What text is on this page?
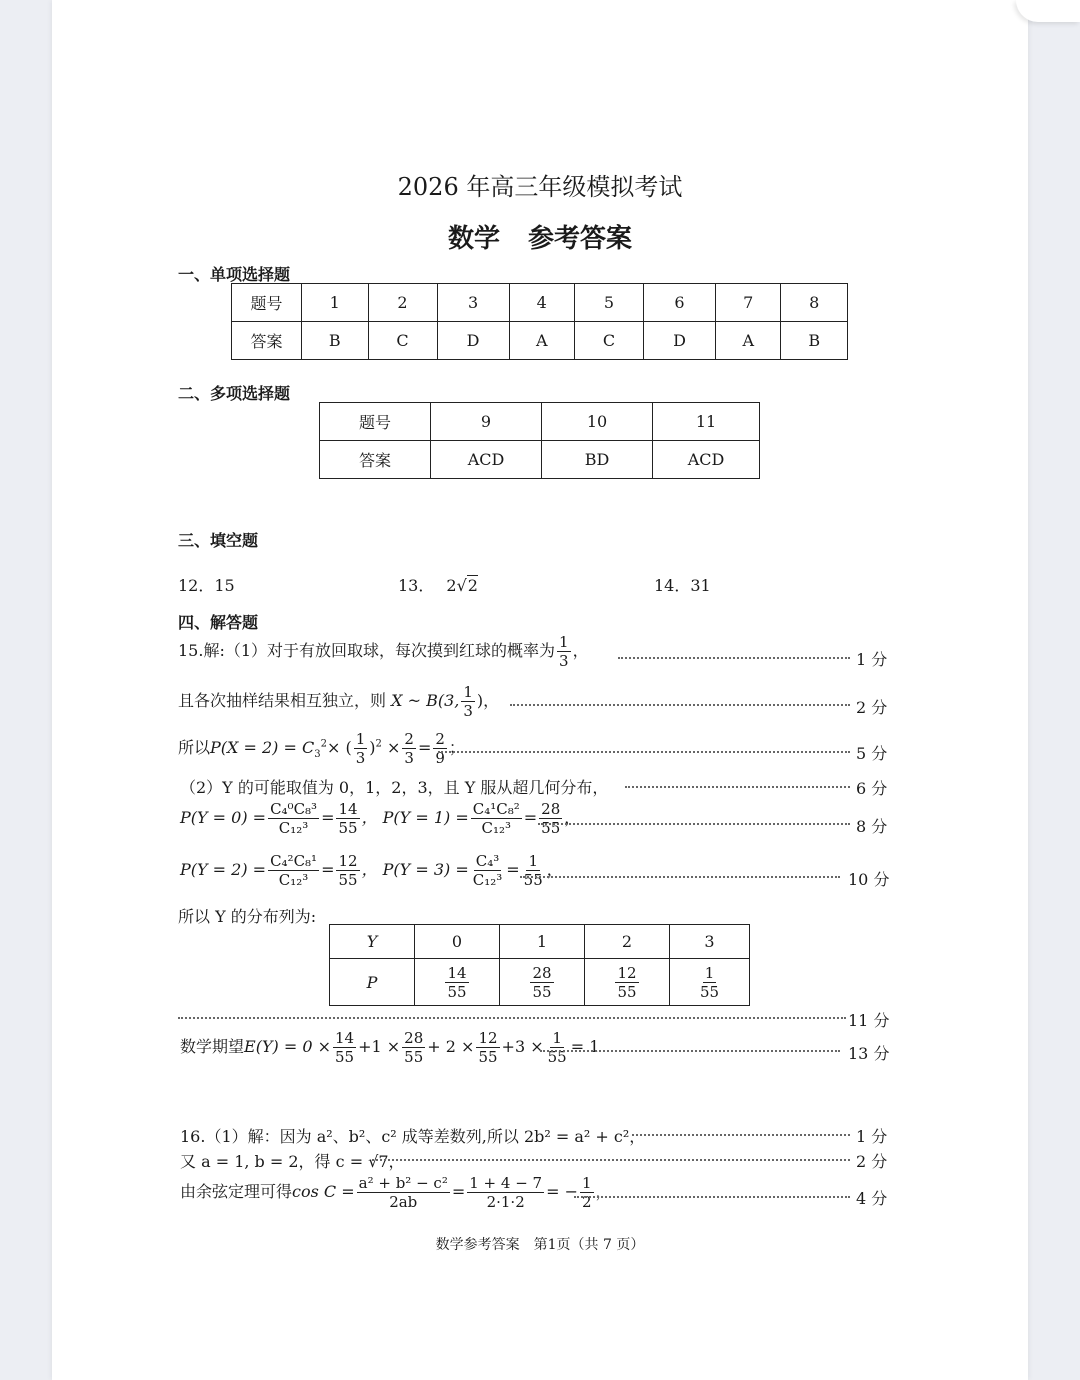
2026 年高三年级模拟考试
数学 参考答案
一、单项选择题
题号	1	2	3	4	5	6	7	8
答案	B	C	D	A	C	D	A	B
二、多项选择题
题号	9	10	11
答案	ACD	BD	ACD
三、填空题
12．15	13． 2√2	14．31
四、解答题
15.解:（1）对于有放回取球，每次摸到红球的概率为 $\frac{1}{3}$ ，	1 分
且各次抽样结果相互独立，则 X ~ B(3, $\frac{1}{3}$ )，	2 分
所以$P(X = 2) = C_3^2\times$ ( $\frac{1}{3} )^2 \times \frac{2}{3} = \frac{2}{9}$ ；	5 分
（2）Y 的可能取值为 0，1，2，3，且 Y 服从超几何分布，	6 分
$P(Y = 0) = \frac{\text{C₄⁰C₈³}}{\text{C₁₂³}} = \frac{14}{55}$ ， $P(Y = 1) = \frac{\text{C₄¹C₈²}}{\text{C₁₂³}} = \frac{28}{55}$ ，	8 分
$P(Y = 2) = \frac{\text{C₄²C₈¹}}{\text{C₁₂³}} = \frac{12}{55}$ ， $P(Y = 3) = \frac{\text{C₄³}}{\text{C₁₂³}} = \frac{1}{55}$ ，
10 分
所以 Y 的分布列为:
Y	0	1	2	3
P	$\frac{14}{55}$	$\frac{28}{55}$	$\frac{12}{55}$	$\frac{1}{55}$
11 分
数学期望$E(Y) = 0 \times \frac{14}{55} +1 \times \frac{28}{55} + 2 \times \frac{12}{55} +3 \times \frac{1}{55} = 1$	13 分
16.（1）解：因为 a²、b²、c² 成等差数列,所以 2b² = a² + c²，	1 分
又 a = 1, b = 2，得 c = √7，	2 分
由余弦定理可得$\cos C = \frac{\text{a² + b² − c²}}{2ab} = \frac{1 + 4 - 7}{2\cdot 1\cdot 2}$ = − $\frac{1}{2}$ ，	4 分
数学参考答案　第1页（共 7 页）
